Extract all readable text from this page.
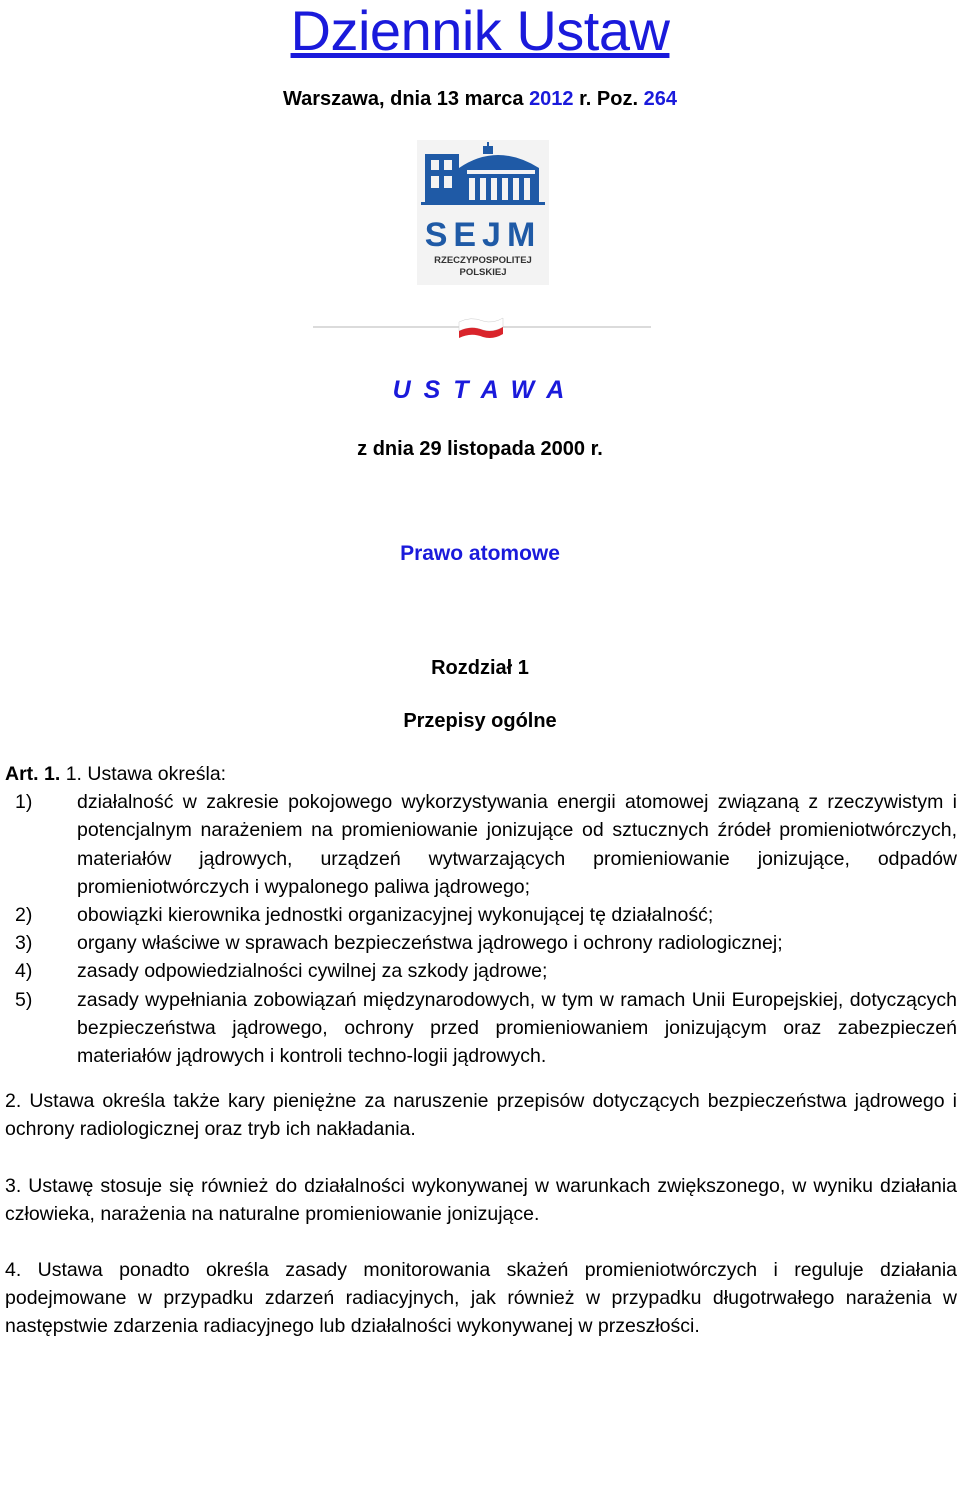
Dziennik Ustaw
Warszawa, dnia 13 marca 2012 r. Poz. 264
SEJM
RZECZYPOSPOLITEJ
POLSKIEJ
U S T A W A
z dnia 29 listopada 2000 r.
Prawo atomowe
Rozdział 1
Przepisy ogólne

Art. 1. 1. Ustawa określa:

1) działalność w zakresie pokojowego wykorzystywania energii atomowej związaną z rzeczywistym i potencjalnym narażeniem na promieniowanie jonizujące od sztucznych źródeł promieniotwórczych, materiałów jądrowych, urządzeń wytwarzających promieniowanie jonizujące, odpadów promieniotwórczych i wypalonego paliwa jądrowego;
2) obowiązki kierownika jednostki organizacyjnej wykonującej tę działalność;
3) organy właściwe w sprawach bezpieczeństwa jądrowego i ochrony radiologicznej;
4) zasady odpowiedzialności cywilnej za szkody jądrowe;
5) zasady wypełniania zobowiązań międzynarodowych, w tym w ramach Unii Europejskiej, dotyczących bezpieczeństwa jądrowego, ochrony przed promieniowaniem jonizującym oraz zabezpieczeń materiałów jądrowych i kontroli techno-logii jądrowych.

2. Ustawa określa także kary pieniężne za naruszenie przepisów dotyczących bezpieczeństwa jądrowego i ochrony radiologicznej oraz tryb ich nakładania.

3. Ustawę stosuje się również do działalności wykonywanej w warunkach zwiększonego, w wyniku działania człowieka, narażenia na naturalne promieniowanie jonizujące.

4. Ustawa ponadto określa zasady monitorowania skażeń promieniotwórczych i reguluje działania podejmowane w przypadku zdarzeń radiacyjnych, jak również w przypadku długotrwałego narażenia w następstwie zdarzenia radiacyjnego lub działalności wykonywanej w przeszłości.
